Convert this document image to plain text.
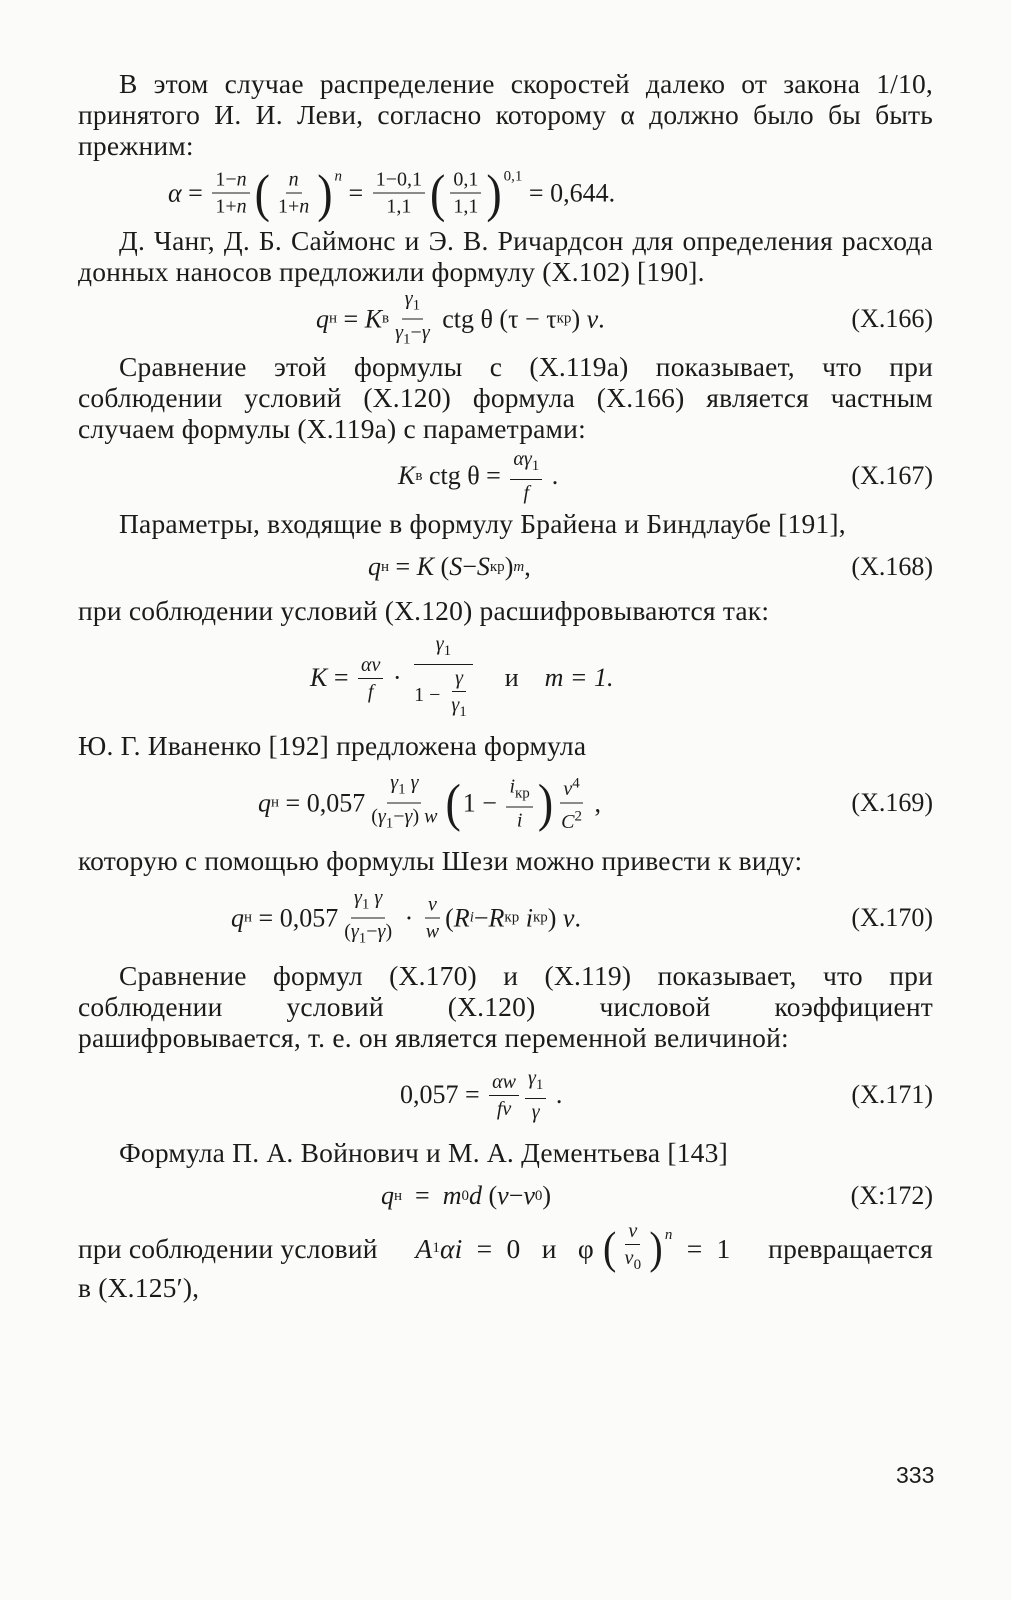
В этом случае распределение скоростей далеко от закона 1/10, принятого И. И. Леви, согласно которому α должно было бы быть прежним:

α = 1−n
1+n ( n
1+n )$^n$
= 1−0,1
1,1 ( 0,1
1,1 )$^{0,1}$

= 0,644.

Д. Чанг, Д. Б. Саймонс и Э. В. Ричардсон для определения расхода донных наносов предложили формулу (X.102) [190].

q н = K в
$\gamma_1$
$\gamma_1-\gamma$ ctg θ (τ − τ кр ) v .	(X.166)

Сравнение этой формулы с (X.119a) показывает, что при соблюдении условий (X.120) формула (X.166) является частным случаем формулы (X.119a) с параметрами:

K в ctg θ =
$\alpha\gamma_1$
f
.	(X.167)

Параметры, входящие в формулу Брайена и Биндлаубе [191],

q н = K ( S − S кр ) m ,	(X.168)

при соблюдении условий (X.120) расшифровываются так:

K = αv
f ·
$\gamma_1$
1 −
γ
$\gamma_1$
и m = 1.

Ю. Г. Иваненко [192] предложена формула

q н = 0,057
$\gamma_1$ γ
$(\gamma_1-\gamma)$ w ( 1 −
$i_{кр}$
i ) $v^4$
$C^2$ ,	(X.169)

которую с помощью формулы Шези можно привести к виду:

q н = 0,057
$\gamma_1$ γ
$(\gamma_1-\gamma) \cdot v$
w ( R i − R кр
i кр ) v .	(X.170)

Сравнение формул (X.170) и (X.119) показывает, что при соблюдении условий (X.120) числовой коэффициент рашифровывается, т. е. он является переменной величиной:

0,057 = αw
fv
$\gamma_1$
γ
.	(X.171)

Формула П. А. Войнович и М. А. Дементьева [143]

q н = m 0 d ( v − v 0 )	(X:172)
при соблюдении условий A 1 αi =  0   и   φ ( v
$v_0$ )$^n$ =  1 превращается

в (X.125′),

333
